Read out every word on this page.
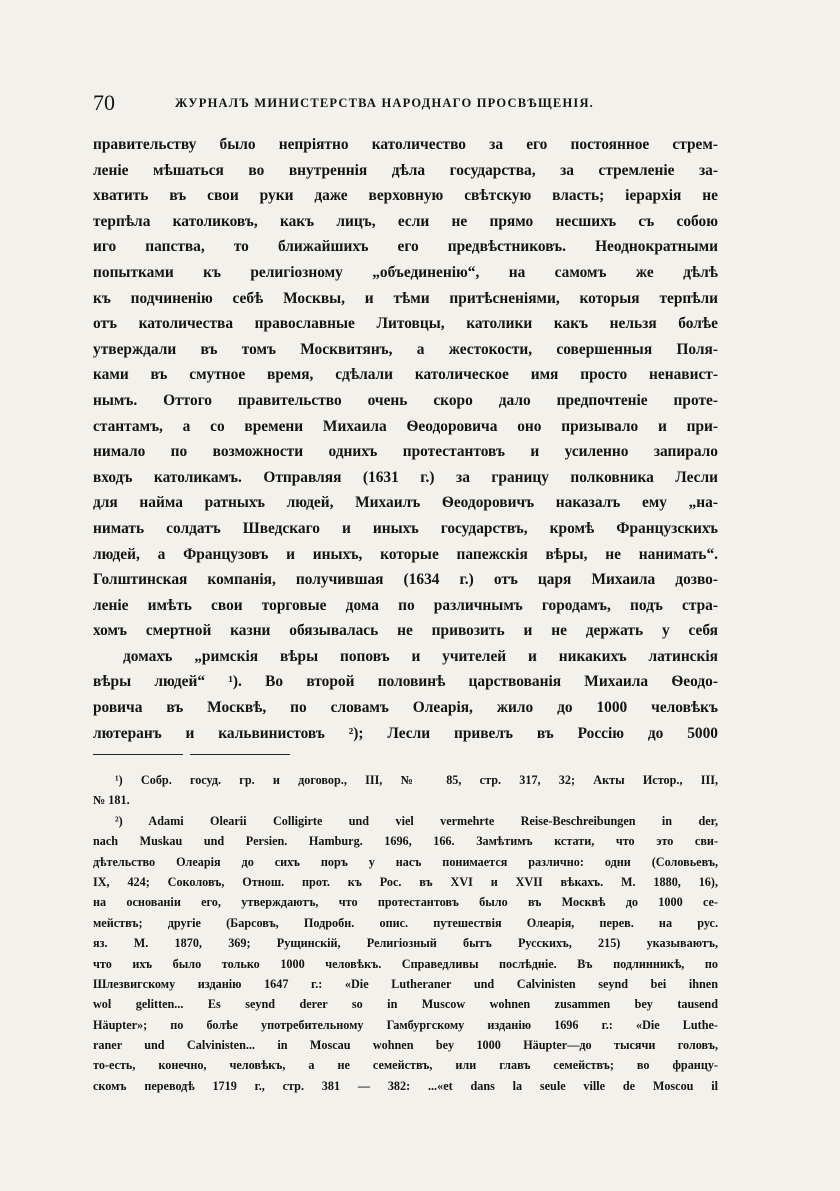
70	ЖУРНАЛЪ МИНИСТЕРСТВА НАРОДНАГО ПРОСВѢЩЕНІЯ.
правительству было непріятно католичество за его постоянное стрем-
леніе мѣшаться во внутреннія дѣла государства, за стремленіе за-
хватить въ свои руки даже верховную свѣтскую власть; іерархія не
терпѣла католиковъ, какъ лицъ, если не прямо несшихъ съ собою
иго папства, то ближайшихъ его предвѣстниковъ. Неоднократными
попытками къ религіозному „объединенію“, на самомъ же дѣлѣ
къ подчиненію себѣ Москвы, и тѣми притѣсненіями, которыя терпѣли
отъ католичества православные Литовцы, католики какъ нельзя болѣе
утверждали въ томъ Москвитянъ, а жестокости, совершенныя Поля-
ками въ смутное время, сдѣлали католическое имя просто ненавист-
нымъ. Оттого правительство очень скоро дало предпочтеніе проте-
стантамъ, а со времени Михаила Ѳеодоровича оно призывало и при-
нимало по возможности однихъ протестантовъ и усиленно запирало
входъ католикамъ. Отправляя (1631 г.) за границу полковника Лесли
для найма ратныхъ людей, Михаилъ Ѳеодоровичъ наказалъ ему „на-
нимать солдатъ Шведскаго и иныхъ государствъ, кромѣ Французскихъ
людей, а Французовъ и иныхъ, которые папежскія вѣры, не нанимать“.
Голштинская компанія, получившая (1634 г.) отъ царя Михаила дозво-
леніе имѣть свои торговые дома по различнымъ городамъ, подъ стра-
хомъ смертной казни обязывалась не привозить и не держать у себя
домахъ „римскія вѣры поповъ и учителей и никакихъ латинскія
вѣры людей“ ¹). Во второй половинѣ царствованія Михаила Ѳеодо-
ровича въ Москвѣ, по словамъ Олеарія, жило до 1000 человѣкъ
лютеранъ и кальвинистовъ ²); Лесли привелъ въ Россію до 5000
¹) Собр. госуд. гр. и договор., III, № 85, стр. 317, 32; Акты Истор., III,
№ 181.
²) Adami Olearii Colligirte und viel vermehrte Reise-Beschreibungen in der,
nach Muskau und Persien. Hamburg. 1696, 166. Замѣтимъ кстати, что это сви-
дѣтельство Олеарія до сихъ поръ у насъ понимается различно: одни (Соловьевъ,
IX, 424; Соколовъ, Отнош. прот. къ Рос. въ XVI и XVII вѣкахъ. М. 1880, 16),
на основаніи его, утверждаютъ, что протестантовъ было въ Москвѣ до 1000 се-
мействъ; другіе (Барсовъ, Подробн. опис. путешествія Олеарія, перев. на рус.
яз. М. 1870, 369; Рущинскій, Религіозный бытъ Русскихъ, 215) указываютъ,
что ихъ было только 1000 человѣкъ. Справедливы послѣдніе. Въ подлинникѣ, по
Шлезвигскому изданію 1647 г.: «Die Lutheraner und Calvinisten seynd bei ihnen
wol gelitten... Es seynd derer so in Muscow wohnen zusammen bey tausend
Häupter»; по болѣе употребительному Гамбургскому изданію 1696 г.: «Die Luthe-
raner und Calvinisten... in Moscau wohnen bey 1000 Häupter—до тысячи головъ,
то-есть, конечно, человѣкъ, а не семействъ, или главъ семействъ; во францу-
скомъ переводѣ 1719 г., стр. 381 — 382: ...«et dans la seule ville de Moscou il
